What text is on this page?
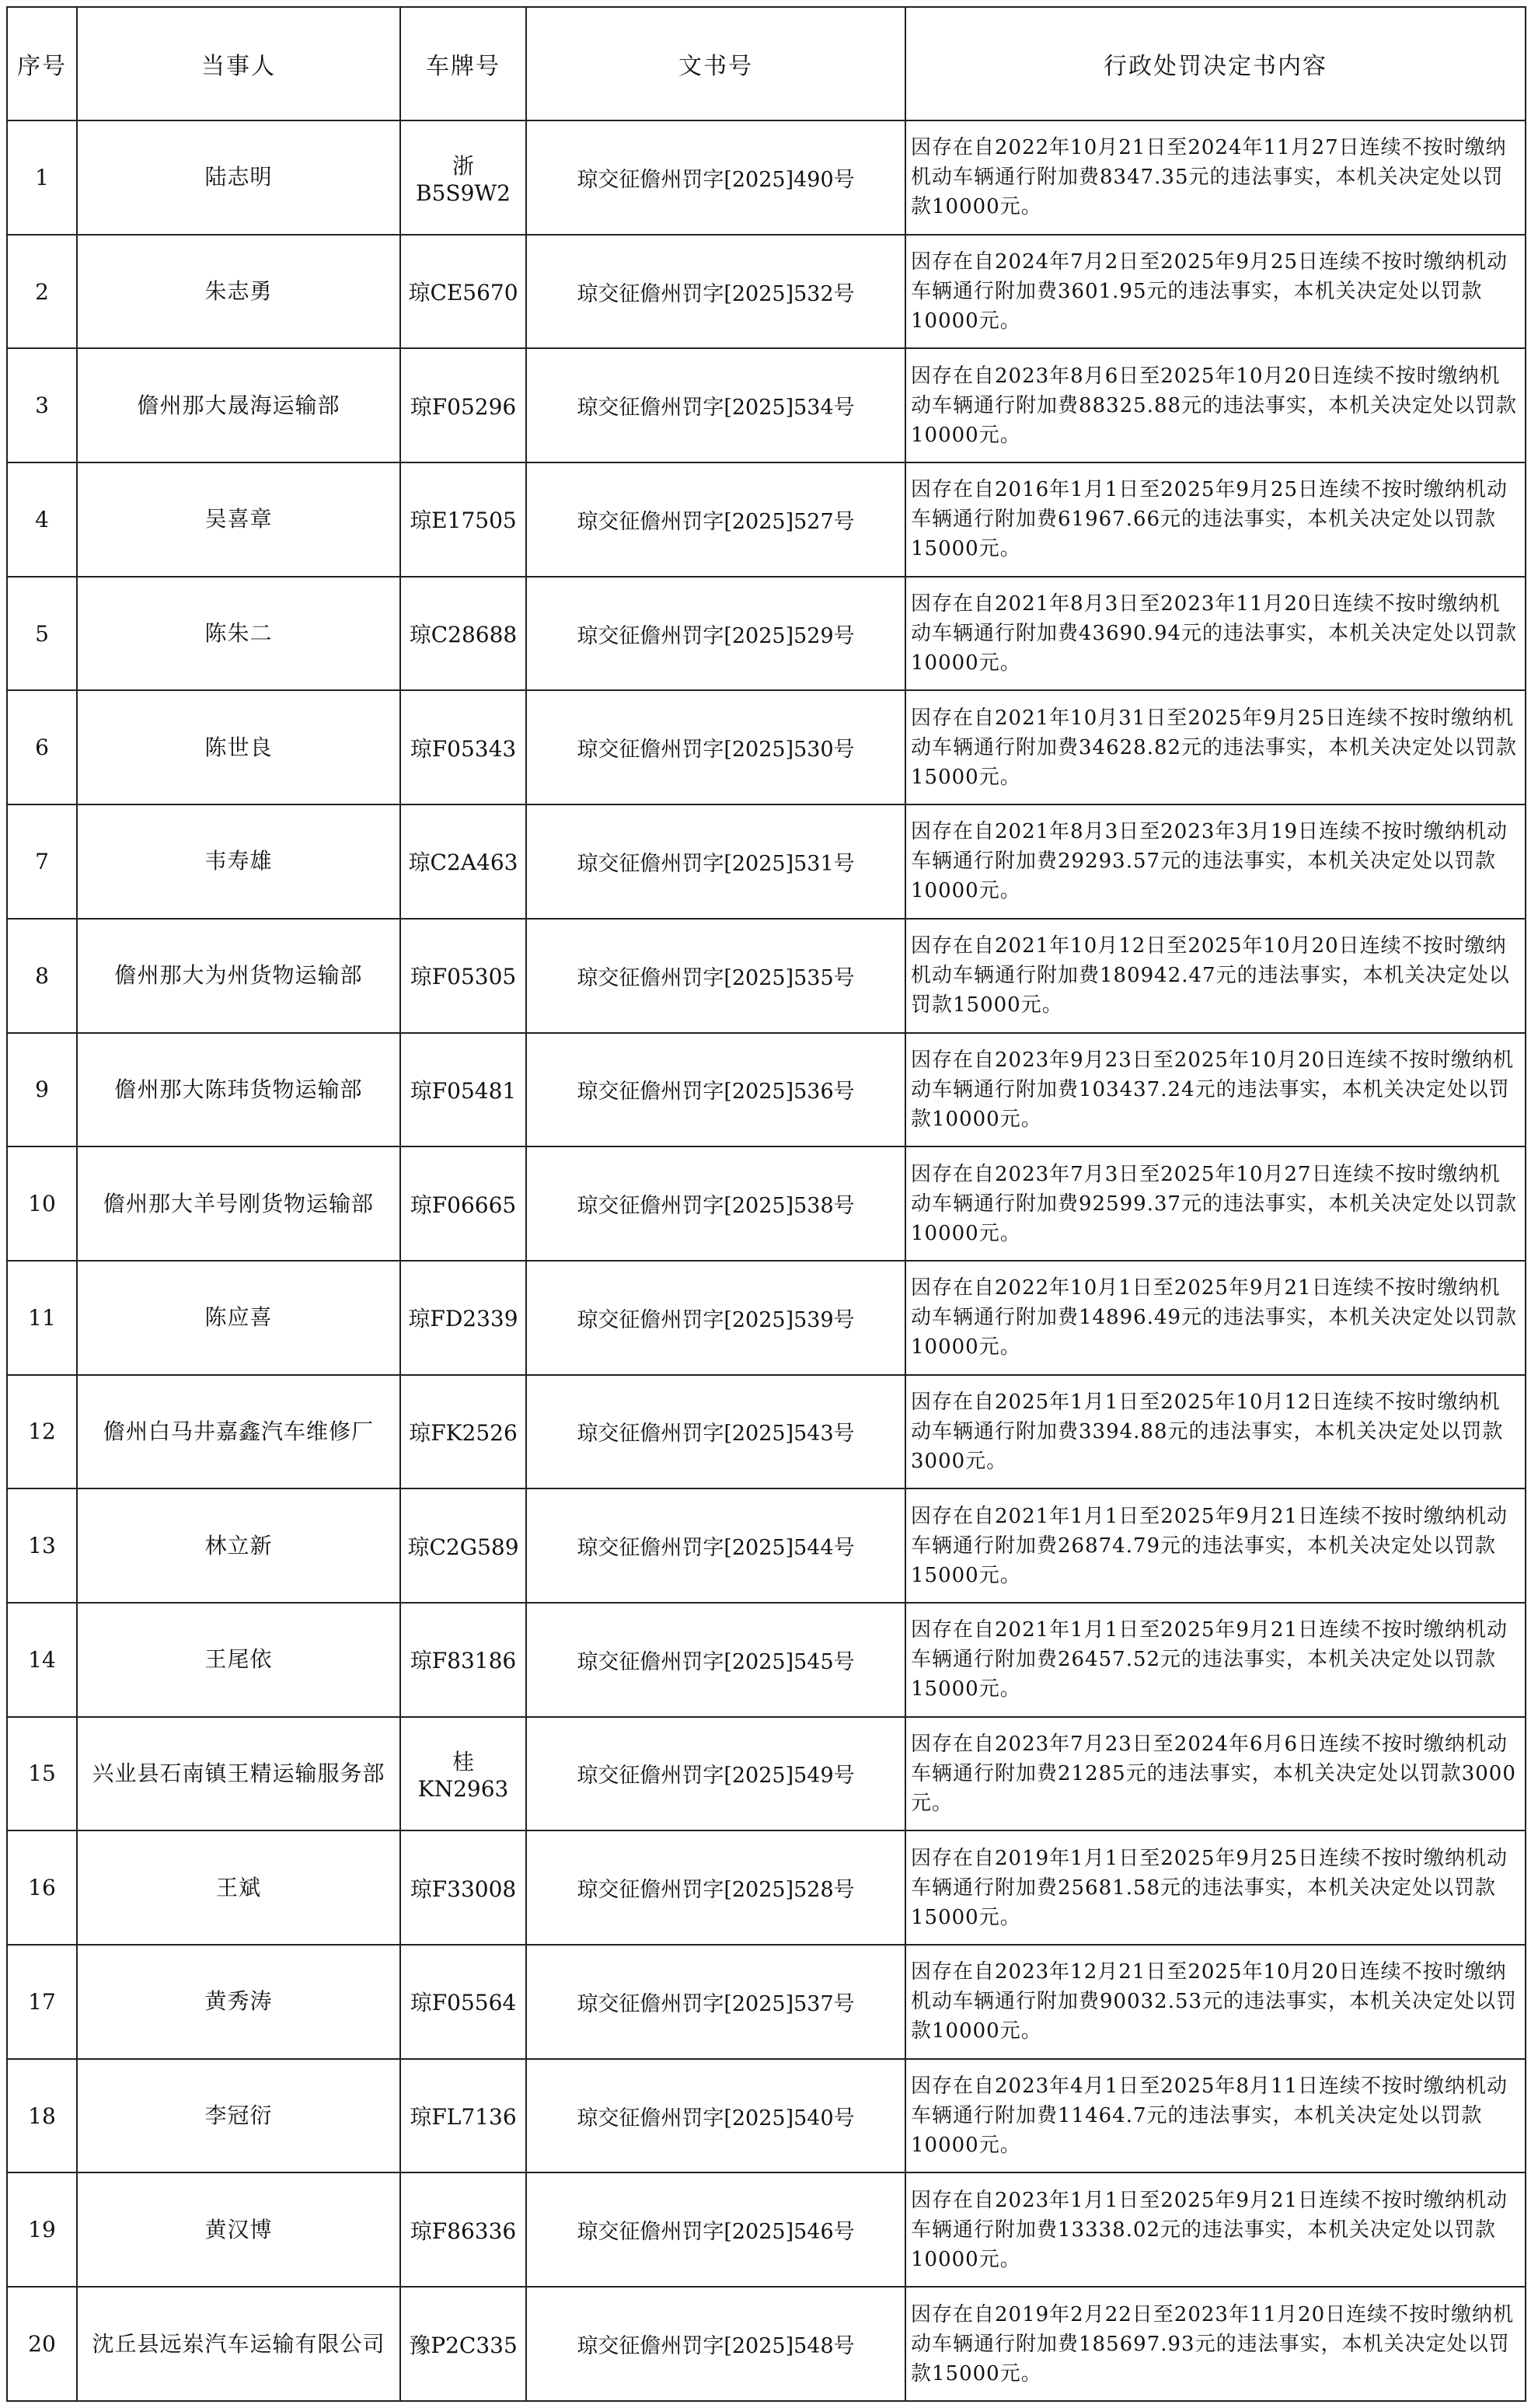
序号	当事人	车牌号	文书号	行政处罚决定书内容
1	陆志明	浙B5S9W2	琼交征儋州罚字[2025]490号	因存在自2022年10月21日至2024年11月27日连续不按时缴纳机动车辆通行附加费8347.35元的违法事实，本机关决定处以罚款10000元。
2	朱志勇	琼CE5670	琼交征儋州罚字[2025]532号	因存在自2024年7月2日至2025年9月25日连续不按时缴纳机动车辆通行附加费3601.95元的违法事实，本机关决定处以罚款10000元。
3	儋州那大晟海运输部	琼F05296	琼交征儋州罚字[2025]534号	因存在自2023年8月6日至2025年10月20日连续不按时缴纳机动车辆通行附加费88325.88元的违法事实，本机关决定处以罚款10000元。
4	吴喜章	琼E17505	琼交征儋州罚字[2025]527号	因存在自2016年1月1日至2025年9月25日连续不按时缴纳机动车辆通行附加费61967.66元的违法事实，本机关决定处以罚款15000元。
5	陈朱二	琼C28688	琼交征儋州罚字[2025]529号	因存在自2021年8月3日至2023年11月20日连续不按时缴纳机动车辆通行附加费43690.94元的违法事实，本机关决定处以罚款10000元。
6	陈世良	琼F05343	琼交征儋州罚字[2025]530号	因存在自2021年10月31日至2025年9月25日连续不按时缴纳机动车辆通行附加费34628.82元的违法事实，本机关决定处以罚款15000元。
7	韦寿雄	琼C2A463	琼交征儋州罚字[2025]531号	因存在自2021年8月3日至2023年3月19日连续不按时缴纳机动车辆通行附加费29293.57元的违法事实，本机关决定处以罚款10000元。
8	儋州那大为州货物运输部	琼F05305	琼交征儋州罚字[2025]535号	因存在自2021年10月12日至2025年10月20日连续不按时缴纳机动车辆通行附加费180942.47元的违法事实，本机关决定处以罚款15000元。
9	儋州那大陈玮货物运输部	琼F05481	琼交征儋州罚字[2025]536号	因存在自2023年9月23日至2025年10月20日连续不按时缴纳机动车辆通行附加费103437.24元的违法事实，本机关决定处以罚款10000元。
10	儋州那大羊号刚货物运输部	琼F06665	琼交征儋州罚字[2025]538号	因存在自2023年7月3日至2025年10月27日连续不按时缴纳机动车辆通行附加费92599.37元的违法事实，本机关决定处以罚款10000元。
11	陈应喜	琼FD2339	琼交征儋州罚字[2025]539号	因存在自2022年10月1日至2025年9月21日连续不按时缴纳机动车辆通行附加费14896.49元的违法事实，本机关决定处以罚款10000元。
12	儋州白马井嘉鑫汽车维修厂	琼FK2526	琼交征儋州罚字[2025]543号	因存在自2025年1月1日至2025年10月12日连续不按时缴纳机动车辆通行附加费3394.88元的违法事实，本机关决定处以罚款3000元。
13	林立新	琼C2G589	琼交征儋州罚字[2025]544号	因存在自2021年1月1日至2025年9月21日连续不按时缴纳机动车辆通行附加费26874.79元的违法事实，本机关决定处以罚款15000元。
14	王尾依	琼F83186	琼交征儋州罚字[2025]545号	因存在自2021年1月1日至2025年9月21日连续不按时缴纳机动车辆通行附加费26457.52元的违法事实，本机关决定处以罚款15000元。
15	兴业县石南镇王精运输服务部	桂KN2963	琼交征儋州罚字[2025]549号	因存在自2023年7月23日至2024年6月6日连续不按时缴纳机动车辆通行附加费21285元的违法事实，本机关决定处以罚款3000元。
16	王斌	琼F33008	琼交征儋州罚字[2025]528号	因存在自2019年1月1日至2025年9月25日连续不按时缴纳机动车辆通行附加费25681.58元的违法事实，本机关决定处以罚款15000元。
17	黄秀涛	琼F05564	琼交征儋州罚字[2025]537号	因存在自2023年12月21日至2025年10月20日连续不按时缴纳机动车辆通行附加费90032.53元的违法事实，本机关决定处以罚款10000元。
18	李冠衍	琼FL7136	琼交征儋州罚字[2025]540号	因存在自2023年4月1日至2025年8月11日连续不按时缴纳机动车辆通行附加费11464.7元的违法事实，本机关决定处以罚款10000元。
19	黄汉博	琼F86336	琼交征儋州罚字[2025]546号	因存在自2023年1月1日至2025年9月21日连续不按时缴纳机动车辆通行附加费13338.02元的违法事实，本机关决定处以罚款10000元。
20	沈丘县远岽汽车运输有限公司	豫P2C335	琼交征儋州罚字[2025]548号	因存在自2019年2月22日至2023年11月20日连续不按时缴纳机动车辆通行附加费185697.93元的违法事实，本机关决定处以罚款15000元。
